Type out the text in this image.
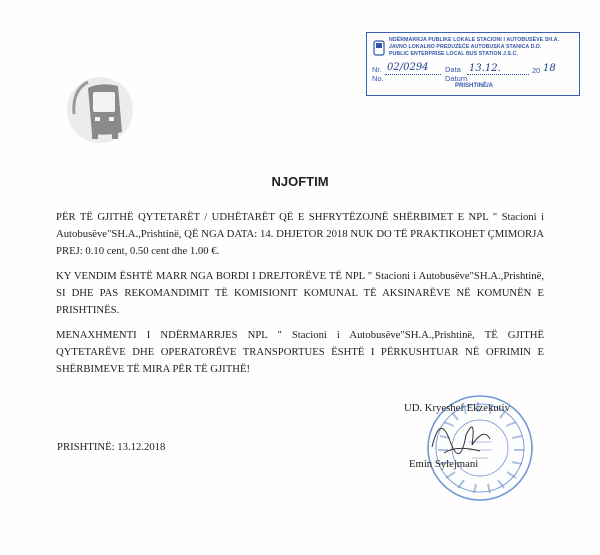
NDËRMARRJA PUBLIKE LOKALE STACIONI I AUTOBUSËVE SH.A.
JAVNO LOKALNO PREDUZEĆE AUTOBUSKA STANICA D.D.
PUBLIC ENTERPRISE LOCAL BUS STATION J.S.C.
Nr.
No.
02/0294 Data
Datum
13.12.	20 18
PRISHTINË/A
NJOFTIM
PËR TË GJITHË QYTETARËT / UDHËTARËT QË E SHFRYTËZOJNË SHËRBIMET E NPL " Stacioni i Autobusëve"SH.A.,Prishtinë, QË NGA DATA: 14. DHJETOR 2018 NUK DO TË PRAKTIKOHET ÇMIMORJA PREJ: 0.10 cent, 0.50 cent dhe 1.00 €.
KY VENDIM ËSHTË MARR NGA BORDI I DREJTORËVE TË NPL " Stacioni i Autobusëve"SH.A.,Prishtinë, SI DHE PAS REKOMANDIMIT TË KOMISIONIT KOMUNAL TË AKSINARËVE NË KOMUNËN E PRISHTINËS.
MENAXHMENTI I NDËRMARRJES NPL " Stacioni i Autobusëve"SH.A.,Prishtinë, TË GJITHË QYTETARËVE DHE OPERATORËVE TRANSPORTUES ËSHTË I PËRKUSHTUAR NË OFRIMIN E SHËRBIMEVE TË MIRA PËR TË GJITHË!
UD. Kryeshef Ekzekutiv
PRISHTINË: 13.12.2018
Emin Sylejmani
